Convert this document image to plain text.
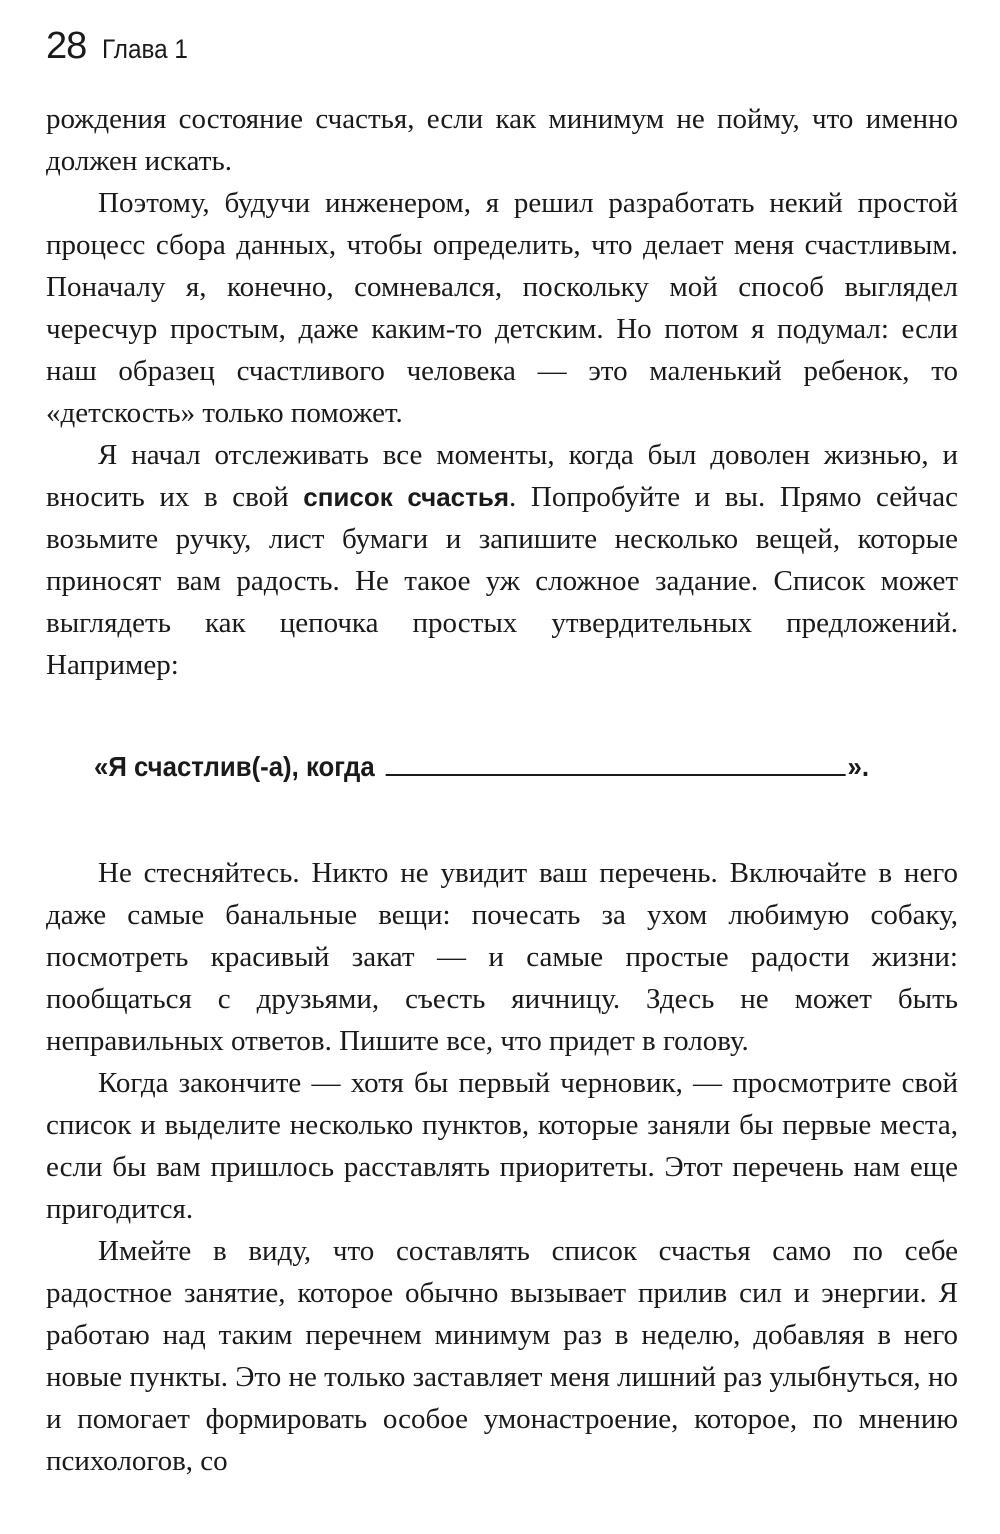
28 Глава 1

рождения состояние счастья, если как минимум не пойму, что именно должен искать.

Поэтому, будучи инженером, я решил разработать некий простой процесс сбора данных, чтобы определить, что делает меня счастливым. Поначалу я, конечно, сомневался, поскольку мой способ выглядел чересчур простым, даже каким-то детским. Но потом я подумал: если наш образец счастливого человека — это маленький ребенок, то «детскость» только поможет.

Я начал отслеживать все моменты, когда был доволен жизнью, и вносить их в свой список счастья. Попробуйте и вы. Прямо сейчас возьмите ручку, лист бумаги и запишите несколько вещей, которые приносят вам радость. Не такое уж сложное задание. Список может выглядеть как цепочка простых утвердительных предложений. Например:

«Я счастлив(-а), когда	».

Не стесняйтесь. Никто не увидит ваш перечень. Включайте в него даже самые банальные вещи: почесать за ухом любимую собаку, посмотреть красивый закат — и самые простые радости жизни: пообщаться с друзьями, съесть яичницу. Здесь не может быть неправильных ответов. Пишите все, что придет в голову.

Когда закончите — хотя бы первый черновик, — просмотрите свой список и выделите несколько пунктов, которые заняли бы первые места, если бы вам пришлось расставлять приоритеты. Этот перечень нам еще пригодится.

Имейте в виду, что составлять список счастья само по себе радостное занятие, которое обычно вызывает прилив сил и энергии. Я работаю над таким перечнем минимум раз в неделю, добавляя в него новые пункты. Это не только заставляет меня лишний раз улыбнуться, но и помогает формировать особое умонастроение, которое, по мнению психологов, со
